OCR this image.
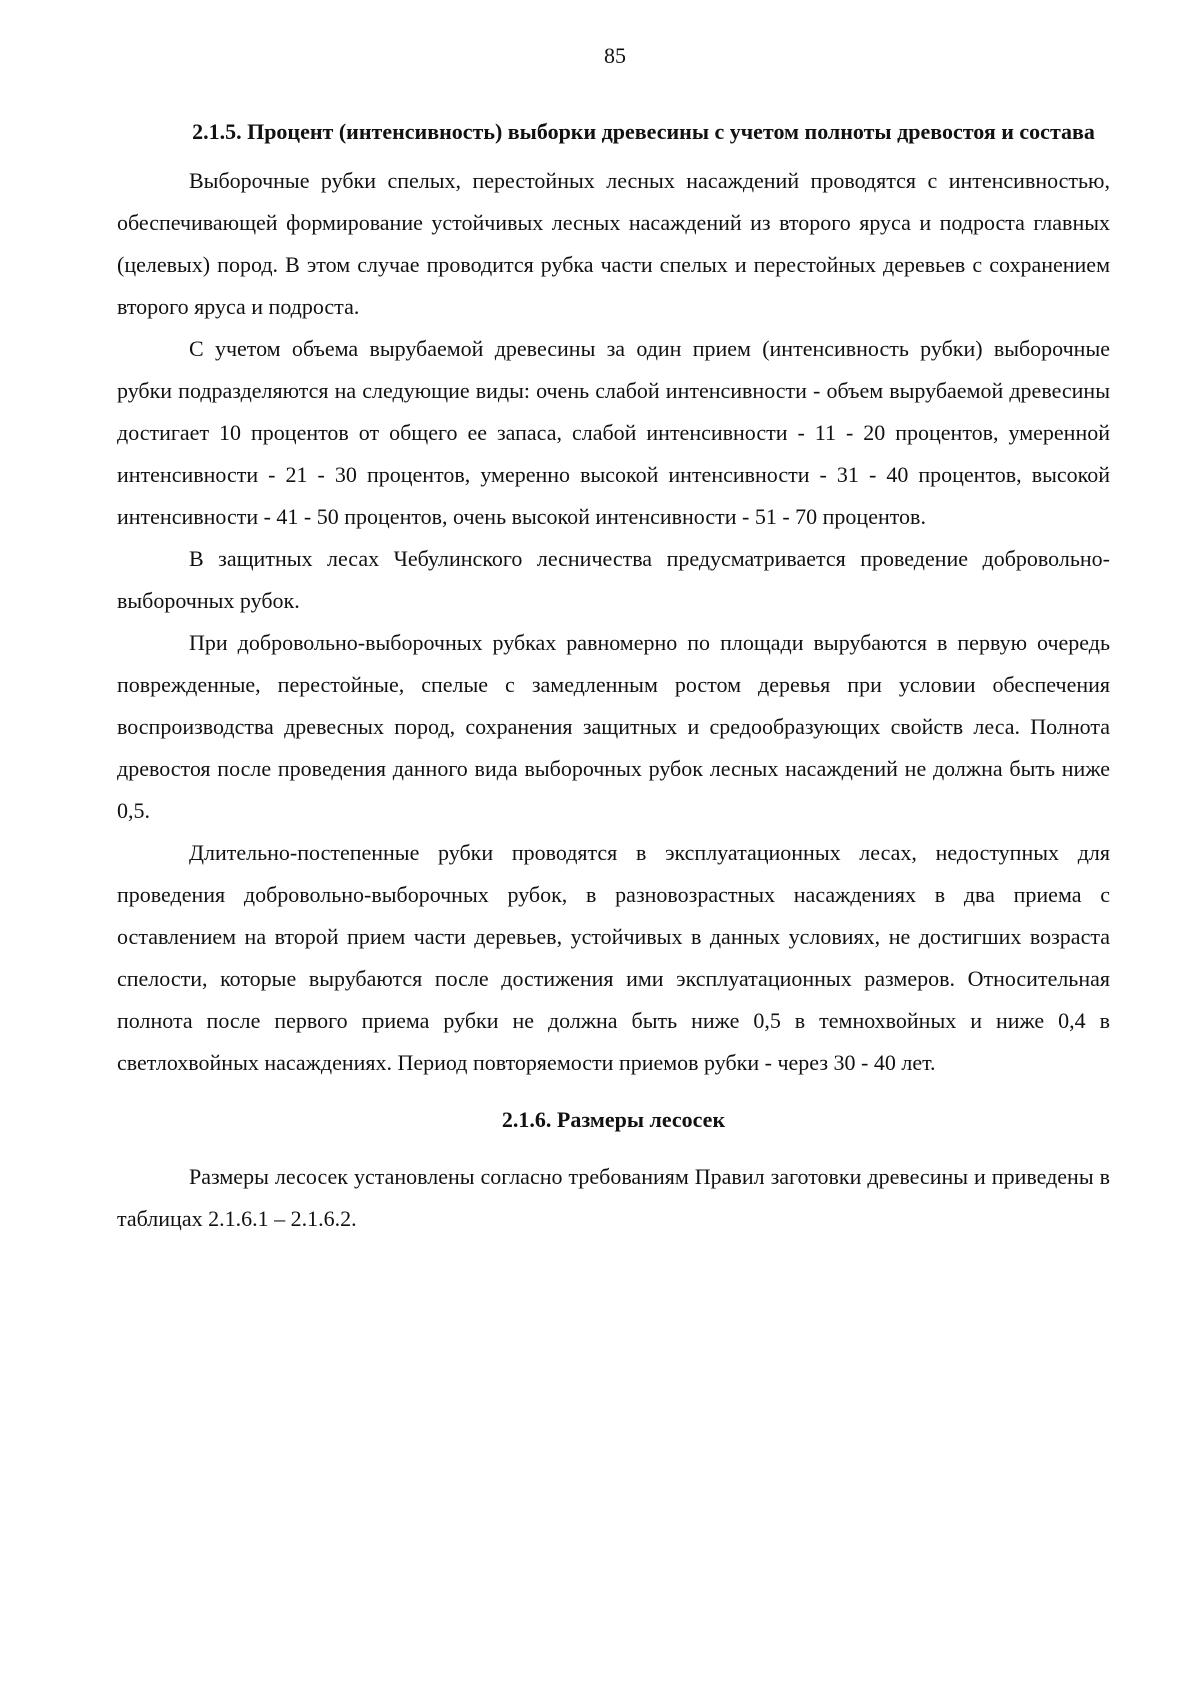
85
2.1.5. Процент (интенсивность) выборки древесины с учетом полноты древостоя и состава

Выборочные рубки спелых, перестойных лесных насаждений проводятся с интенсивностью, обеспечивающей формирование устойчивых лесных насаждений из второго яруса и подроста главных (целевых) пород. В этом случае проводится рубка части спелых и перестойных деревьев с сохранением второго яруса и подроста.

С учетом объема вырубаемой древесины за один прием (интенсивность рубки) выборочные рубки подразделяются на следующие виды: очень слабой интенсивности - объем вырубаемой древесины достигает 10 процентов от общего ее запаса, слабой интенсивности - 11 - 20 процентов, умеренной интенсивности - 21 - 30 процентов, умеренно высокой интенсивности - 31 - 40 процентов, высокой интенсивности - 41 - 50 процентов, очень высокой интенсивности - 51 - 70 процентов.

В защитных лесах Чебулинского лесничества предусматривается проведение добровольно-выборочных рубок.

При добровольно-выборочных рубках равномерно по площади вырубаются в первую очередь поврежденные, перестойные, спелые с замедленным ростом деревья при условии обеспечения воспроизводства древесных пород, сохранения защитных и средообразующих свойств леса. Полнота древостоя после проведения данного вида выборочных рубок лесных насаждений не должна быть ниже 0,5.

Длительно-постепенные рубки проводятся в эксплуатационных лесах, недоступных для проведения добровольно-выборочных рубок, в разновозрастных насаждениях в два приема с оставлением на второй прием части деревьев, устойчивых в данных условиях, не достигших возраста спелости, которые вырубаются после достижения ими эксплуатационных размеров. Относительная полнота после первого приема рубки не должна быть ниже 0,5 в темнохвойных и ниже 0,4 в светлохвойных насаждениях. Период повторяемости приемов рубки - через 30 - 40 лет.

2.1.6. Размеры лесосек

Размеры лесосек установлены согласно требованиям Правил заготовки древесины и приведены в таблицах 2.1.6.1 – 2.1.6.2.
